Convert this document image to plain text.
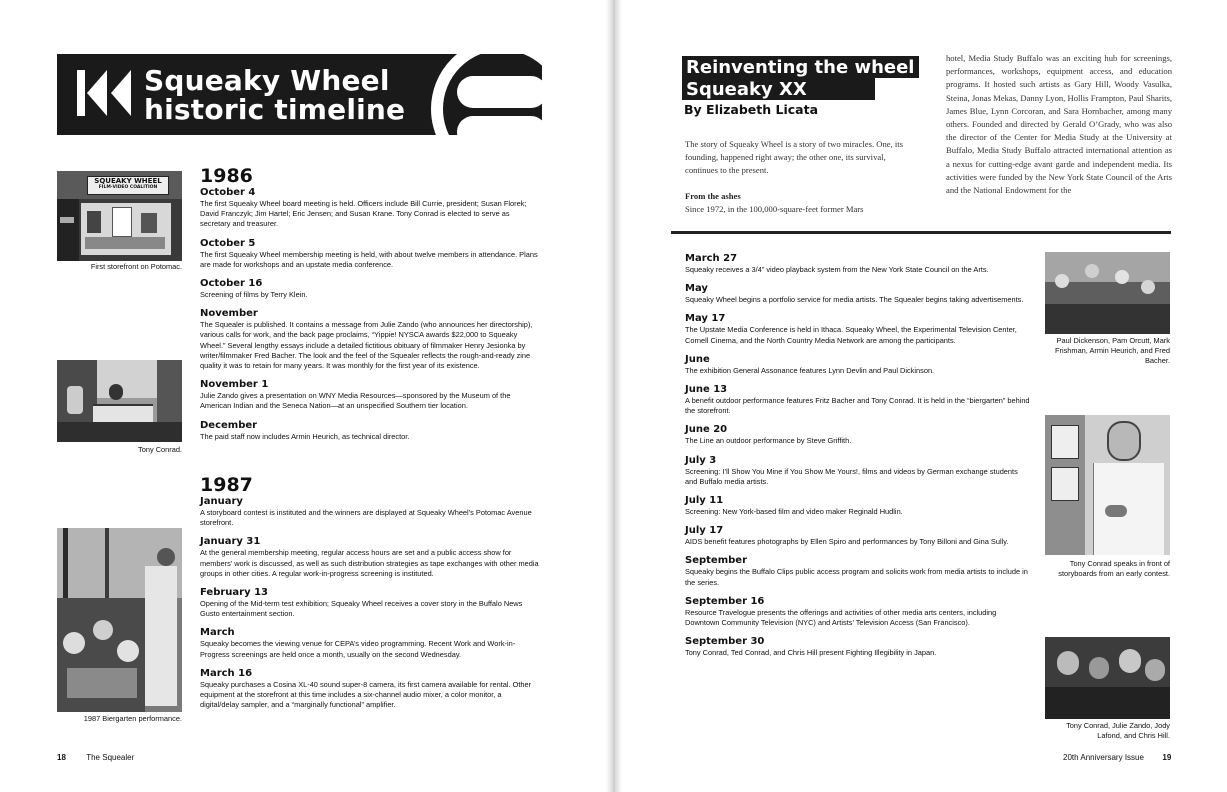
Squeaky Wheel
historic timeline
SQUEAKY WHEEL
FILM·VIDEO COALITION
First storefront on Potomac.
Tony Conrad.
1987 Biergarten performance.
1986
October 4
The first Squeaky Wheel board meeting is held. Officers include Bill Currie, president; Susan Florek; David Franczyk; Jim Hartel; Eric Jensen; and Susan Krane. Tony Conrad is elected to serve as secretary and treasurer.
October 5
The first Squeaky Wheel membership meeting is held, with about twelve members in attendance. Plans are made for workshops and an upstate media conference.
October 16
Screening of films by Terry Klein.
November
The Squealer is published. It contains a message from Julie Zando (who announces her directorship), various calls for work, and the back page proclaims, “Yippie! NYSCA awards $22,000 to Squeaky Wheel.” Several lengthy essays include a detailed fictitious obituary of filmmaker Henry Jesionka by writer/filmmaker Fred Bacher. The look and the feel of the Squealer reflects the rough-and-ready zine quality it was to retain for many years. It was monthly for the first year of its existence.
November 1
Julie Zando gives a presentation on WNY Media Resources—sponsored by the Museum of the American Indian and the Seneca Nation—at an unspecified Southern tier location.
December
The paid staff now includes Armin Heurich, as technical director.
1987
January
A storyboard contest is instituted and the winners are displayed at Squeaky Wheel’s Potomac Avenue storefront.
January 31
At the general membership meeting, regular access hours are set and a public access show for members’ work is discussed, as well as such distribution strategies as tape exchanges with other media groups in other cities. A regular work-in-progress screening is instituted.
February 13
Opening of the Mid-term test exhibition; Squeaky Wheel receives a cover story in the Buffalo News Gusto entertainment section.
March
Squeaky becomes the viewing venue for CEPA’s video programming. Recent Work and Work-in-Progress screenings are held once a month, usually on the second Wednesday.
March 16
Squeaky purchases a Cosina XL-40 sound super-8 camera, its first camera available for rental. Other equipment at the storefront at this time includes a six-channel audio mixer, a color monitor, a digital/delay sampler, and a “marginally functional” amplifier.
18	The Squealer
Reinventing the wheel
Squeaky XX
By Elizabeth Licata
The story of Squeaky Wheel is a story of two miracles. One, its founding, happened right away; the other one, its survival, continues to the present.
From the ashes
Since 1972, in the 100,000-square-feet former Mars
hotel, Media Study Buffalo was an exciting hub for screenings, performances, workshops, equipment access, and education programs. It hosted such artists as Gary Hill, Woody Vasulka, Steina, Jonas Mekas, Danny Lyon, Hollis Frampton, Paul Sharits, James Blue, Lynn Corcoran, and Sara Hornbacher, among many others. Founded and directed by Gerald O’Grady, who was also the director of the Center for Media Study at the University at Buffalo, Media Study Buffalo attracted international attention as a nexus for cutting-edge avant garde and independent media. Its activities were funded by the New York State Council of the Arts and the National Endowment for the
March 27
Squeaky receives a 3/4” video playback system from the New York State Council on the Arts.
May
Squeaky Wheel begins a portfolio service for media artists. The Squealer begins taking advertisements.
May 17
The Upstate Media Conference is held in Ithaca. Squeaky Wheel, the Experimental Television Center, Cornell Cinema, and the North Country Media Network are among the participants.
June
The exhibition General Assonance features Lynn Devlin and Paul Dickinson.
June 13
A benefit outdoor performance features Fritz Bacher and Tony Conrad. It is held in the “biergarten” behind the storefront.
June 20
The Line an outdoor performance by Steve Griffith.
July 3
Screening: I’ll Show You Mine if You Show Me Yours!, films and videos by German exchange students and Buffalo media artists.
July 11
Screening: New York-based film and video maker Reginald Hudlin.
July 17
AIDS benefit features photographs by Ellen Spiro and performances by Tony Billoni and Gina Sully.
September
Squeaky begins the Buffalo Clips public access program and solicits work from media artists to include in the series.
September 16
Resource Travelogue presents the offerings and activities of other media arts centers, including Downtown Community Television (NYC) and Artists’ Television Access (San Francisco).
September 30
Tony Conrad, Ted Conrad, and Chris Hill present Fighting Illegibility in Japan.
Paul Dickenson, Pam Orcutt, Mark Frishman, Armin Heurich, and Fred Bacher.
Tony Conrad speaks in front of storyboards from an early contest.
Tony Conrad, Julie Zando, Jody Lafond, and Chris Hill.
20th Anniversary Issue 19
